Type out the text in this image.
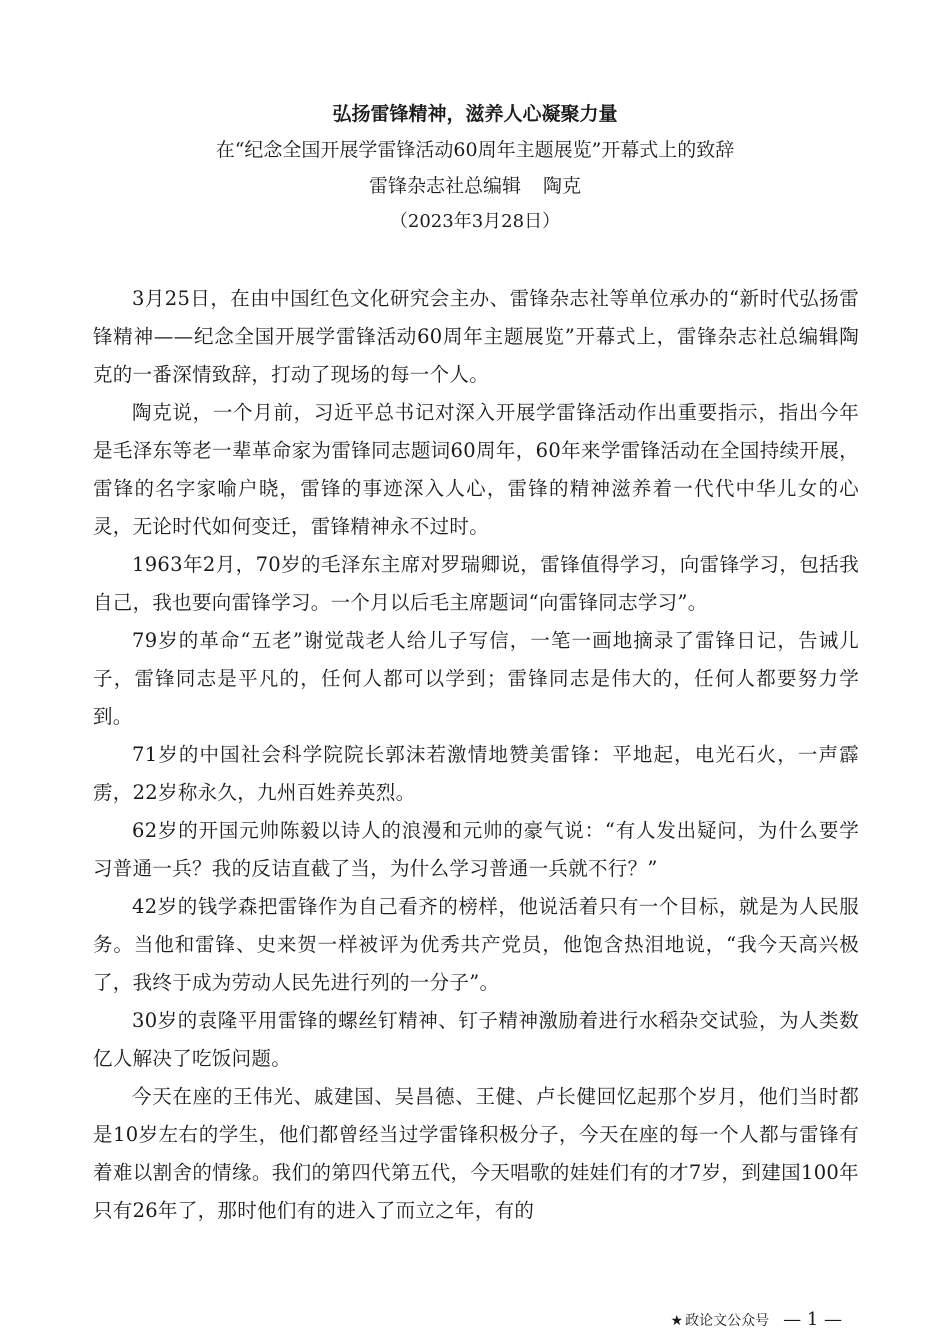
弘扬雷锋精神，滋养人心凝聚力量
在“纪念全国开展学雷锋活动60周年主题展览”开幕式上的致辞
雷锋杂志社总编辑 陶克
（2023年3月28日）

3月25日，在由中国红色文化研究会主办、雷锋杂志社等单位承办的“新时代弘扬雷锋精神——纪念全国开展学雷锋活动60周年主题展览”开幕式上，雷锋杂志社总编辑陶克的一番深情致辞，打动了现场的每一个人。

陶克说，一个月前，习近平总书记对深入开展学雷锋活动作出重要指示，指出今年是毛泽东等老一辈革命家为雷锋同志题词60周年，60年来学雷锋活动在全国持续开展，雷锋的名字家喻户晓，雷锋的事迹深入人心，雷锋的精神滋养着一代代中华儿女的心灵，无论时代如何变迁，雷锋精神永不过时。

1963年2月，70岁的毛泽东主席对罗瑞卿说，雷锋值得学习，向雷锋学习，包括我自己，我也要向雷锋学习。一个月以后毛主席题词“向雷锋同志学习”。

79岁的革命“五老”谢觉哉老人给儿子写信，一笔一画地摘录了雷锋日记，告诫儿子，雷锋同志是平凡的，任何人都可以学到；雷锋同志是伟大的，任何人都要努力学到。

71岁的中国社会科学院院长郭沫若激情地赞美雷锋：平地起，电光石火，一声霹雳，22岁称永久，九州百姓养英烈。

62岁的开国元帅陈毅以诗人的浪漫和元帅的豪气说：“有人发出疑问，为什么要学习普通一兵？我的反诘直截了当，为什么学习普通一兵就不行？”

42岁的钱学森把雷锋作为自己看齐的榜样，他说活着只有一个目标，就是为人民服务。当他和雷锋、史来贺一样被评为优秀共产党员，他饱含热泪地说，“我今天高兴极了，我终于成为劳动人民先进行列的一分子”。

30岁的袁隆平用雷锋的螺丝钉精神、钉子精神激励着进行水稻杂交试验，为人类数亿人解决了吃饭问题。

今天在座的王伟光、戚建国、吴昌德、王健、卢长健回忆起那个岁月，他们当时都是10岁左右的学生，他们都曾经当过学雷锋积极分子，今天在座的每一个人都与雷锋有着难以割舍的情缘。我们的第四代第五代，今天唱歌的娃娃们有的才7岁，到建国100年只有26年了，那时他们有的进入了而立之年，有的

★ 政论文公众号 — 1 —
